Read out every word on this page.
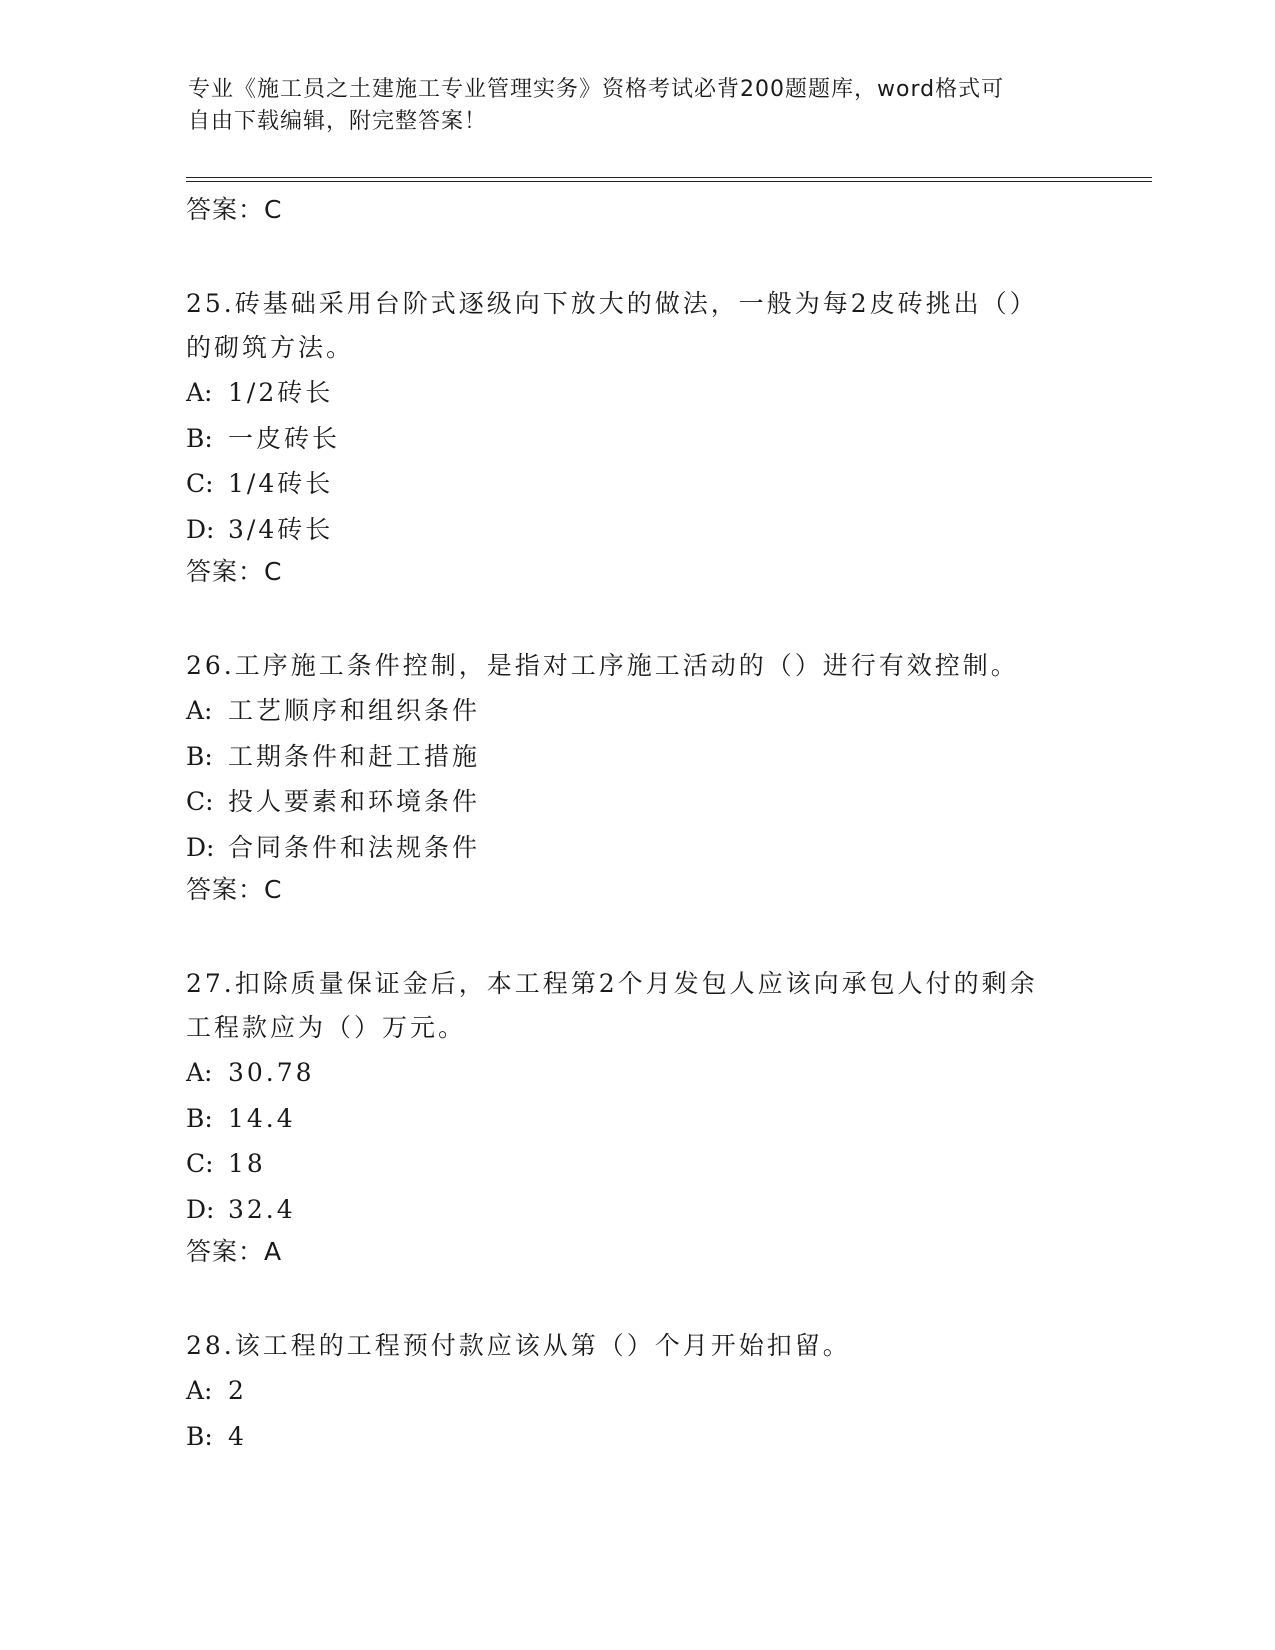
专业《施工员之土建施工专业管理实务》资格考试必背200题题库，word格式可
自由下载编辑，附完整答案！
答案：C
25.砖基础采用台阶式逐级向下放大的做法，一般为每2皮砖挑出（）
的砌筑方法。
A: 1/2砖长
B: 一皮砖长
C: 1/4砖长
D: 3/4砖长
答案：C
26.工序施工条件控制，是指对工序施工活动的（）进行有效控制。
A: 工艺顺序和组织条件
B: 工期条件和赶工措施
C: 投人要素和环境条件
D: 合同条件和法规条件
答案：C
27.扣除质量保证金后，本工程第2个月发包人应该向承包人付的剩余
工程款应为（）万元。
A: 30.78
B: 14.4
C: 18
D: 32.4
答案：A
28.该工程的工程预付款应该从第（）个月开始扣留。
A: 2
B: 4
